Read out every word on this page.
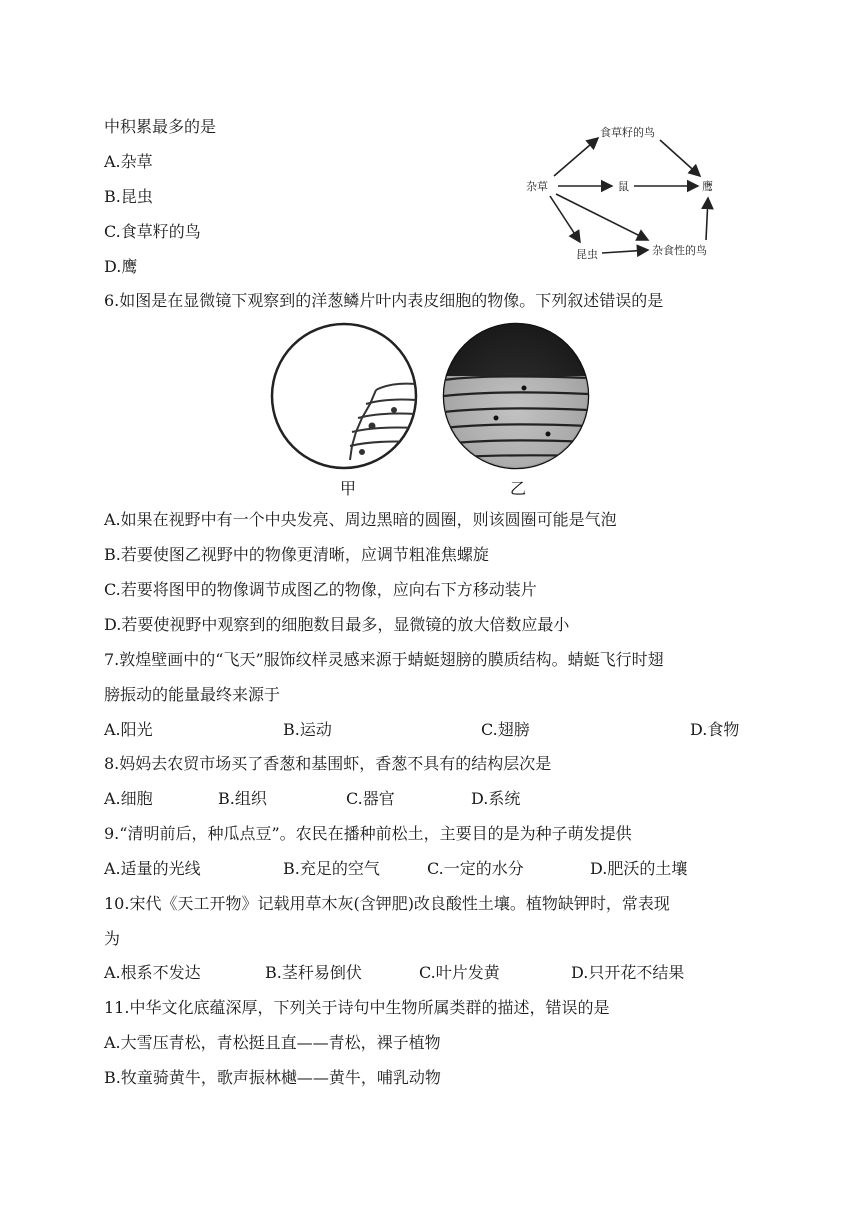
中积累最多的是
A.杂草
B.昆虫
C.食草籽的鸟
D.鹰
杂草
食草籽的鸟
鼠	鹰
昆虫	杂食性的鸟
6.如图是在显微镜下观察到的洋葱鳞片叶内表皮细胞的物像。下列叙述错误的是
甲	乙
A.如果在视野中有一个中央发亮、周边黑暗的圆圈，则该圆圈可能是气泡
B.若要使图乙视野中的物像更清晰，应调节粗准焦螺旋
C.若要将图甲的物像调节成图乙的物像，应向右下方移动装片
D.若要使视野中观察到的细胞数目最多，显微镜的放大倍数应最小
7.敦煌壁画中的“飞天”服饰纹样灵感来源于蜻蜓翅膀的膜质结构。蜻蜓飞行时翅
膀振动的能量最终来源于
A.阳光	B.运动	C.翅膀	D.食物
8.妈妈去农贸市场买了香葱和基围虾，香葱不具有的结构层次是
A.细胞	B.组织	C.器官	D.系统
9.“清明前后，种瓜点豆”。农民在播种前松土，主要目的是为种子萌发提供
A.适量的光线	B.充足的空气	C.一定的水分	D.肥沃的土壤
10.宋代《天工开物》记载用草木灰(含钾肥)改良酸性土壤。植物缺钾时，常表现
为
A.根系不发达	B.茎秆易倒伏	C.叶片发黄	D.只开花不结果
11.中华文化底蕴深厚，下列关于诗句中生物所属类群的描述，错误的是
A.大雪压青松，青松挺且直——青松，裸子植物
B.牧童骑黄牛，歌声振林樾——黄牛，哺乳动物
